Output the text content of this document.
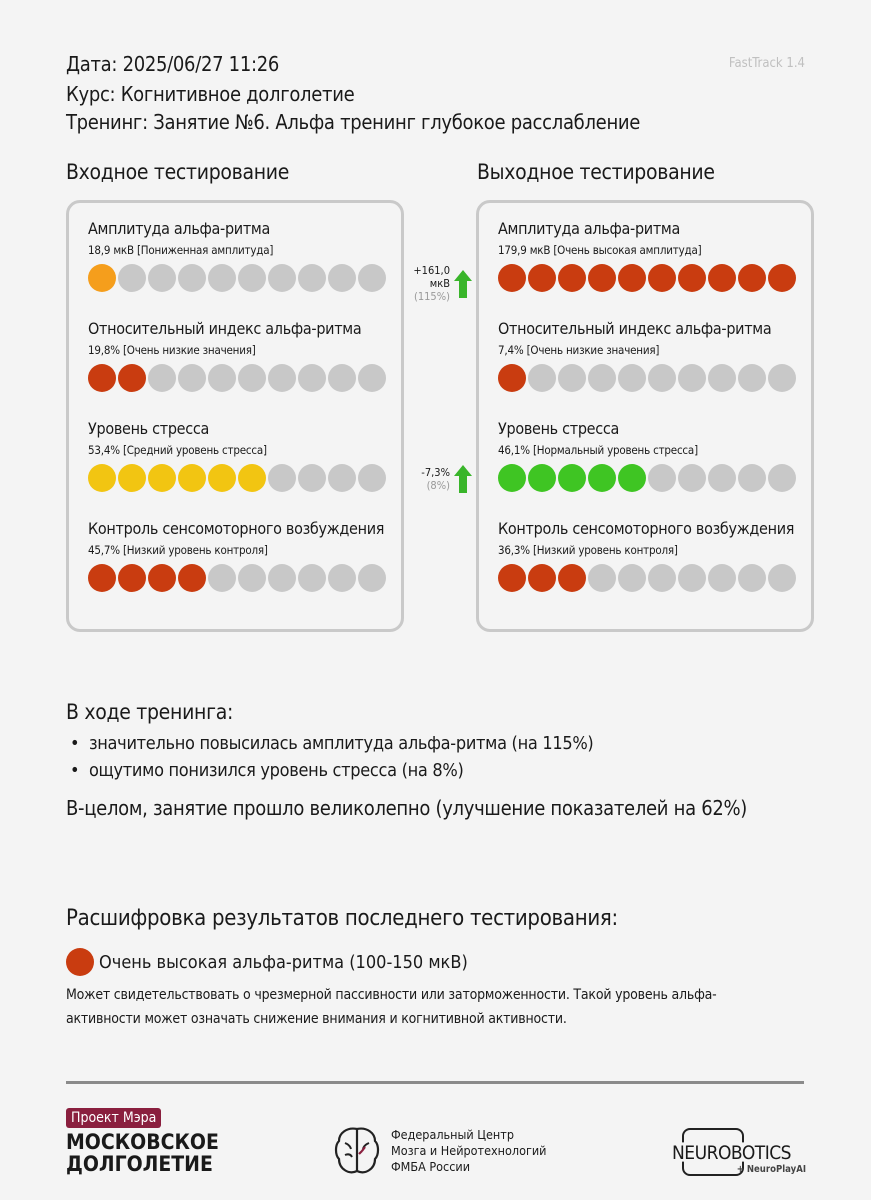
Дата: 2025/06/27 11:26
Курс: Когнитивное долголетие
Тренинг: Занятие №6. Альфа тренинг глубокое расслабление
FastTrack 1.4
Входное тестирование	Выходное тестирование
Амплитуда альфа-ритма
18,9 мкВ [Пониженная амплитуда]
Относительный индекс альфа-ритма
19,8% [Очень низкие значения]
Уровень стресса
53,4% [Средний уровень стресса]
Контроль сенсомоторного возбуждения
45,7% [Низкий уровень контроля]
Амплитуда альфа-ритма
179,9 мкВ [Очень высокая амплитуда]
Относительный индекс альфа-ритма
7,4% [Очень низкие значения]
Уровень стресса
46,1% [Нормальный уровень стресса]
Контроль сенсомоторного возбуждения
36,3% [Низкий уровень контроля]
+161,0 мкВ
(115%)
-7,3%
(8%)
В ходе тренинга:
• значительно повысилась амплитуда альфа-ритма (на 115%)
• ощутимо понизился уровень стресса (на 8%)
В-целом, занятие прошло великолепно (улучшение показателей на 62%)
Расшифровка результатов последнего тестирования:
Очень высокая альфа-ритма (100-150 мкВ)
Может свидетельствовать о чрезмерной пассивности или заторможенности. Такой уровень альфа-активности может означать снижение внимания и когнитивной активности.
Проект Мэра
МОСКОВСКОЕ
ДОЛГОЛЕТИЕ
Федеральный Центр
Мозга и Нейротехнологий
ФМБА России
NEUROBOTICS
+ NeuroPlayAI
